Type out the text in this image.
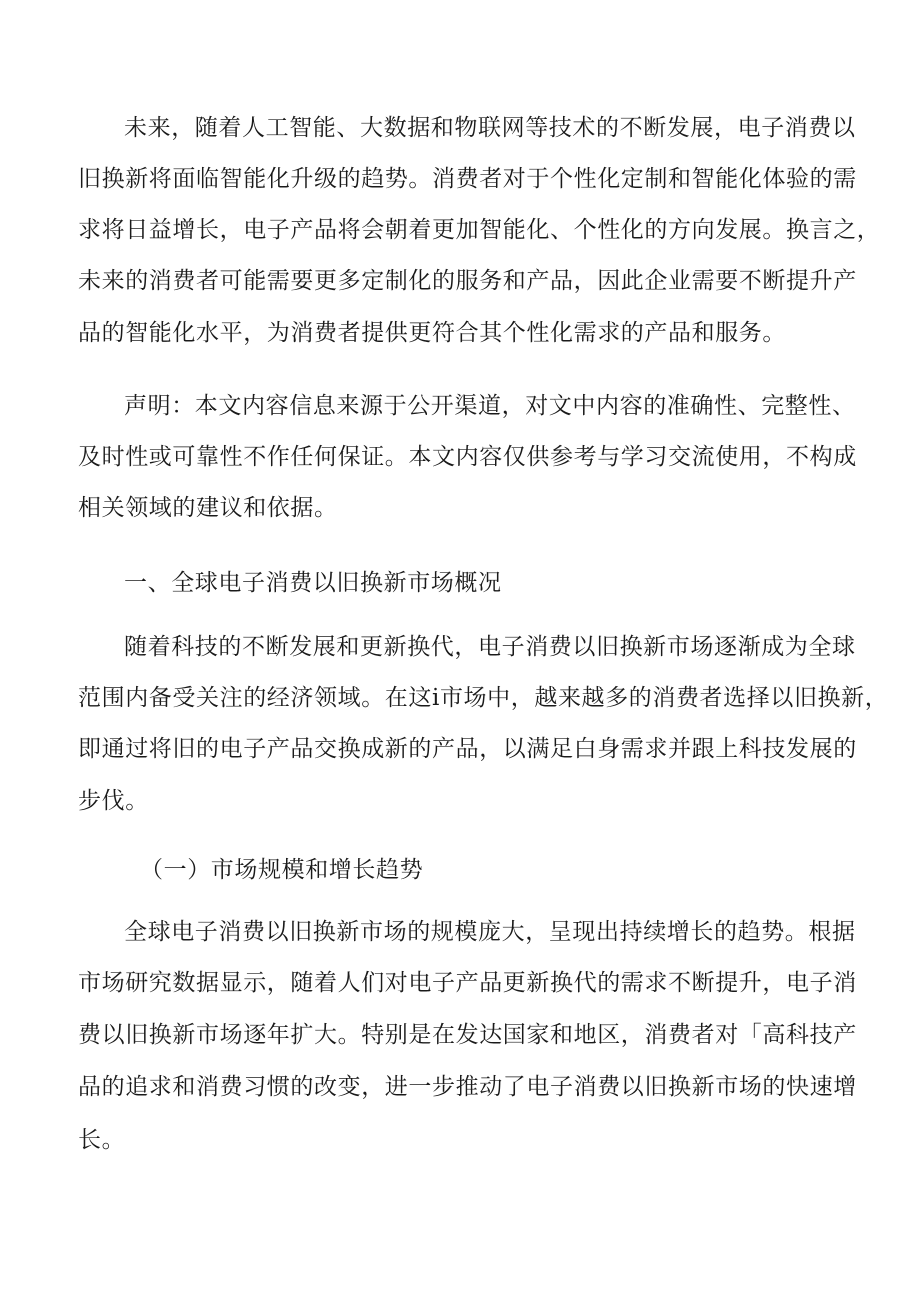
未来，随着人工智能、大数据和物联网等技术的不断发展，电子消费以
旧换新将面临智能化升级的趋势。消费者对于个性化定制和智能化体验的需
求将日益增长，电子产品将会朝着更加智能化、个性化的方向发展。换言之，
未来的消费者可能需要更多定制化的服务和产品，因此企业需要不断提升产
品的智能化水平，为消费者提供更符合其个性化需求的产品和服务。
声明：本文内容信息来源于公开渠道，对文中内容的准确性、完整性、
及时性或可靠性不作任何保证。本文内容仅供参考与学习交流使用，不构成
相关领域的建议和依据。
一、全球电子消费以旧换新市场概况
随着科技的不断发展和更新换代，电子消费以旧换新市场逐渐成为全球
范围内备受关注的经济领域。在这i市场中，越来越多的消费者选择以旧换新，
即通过将旧的电子产品交换成新的产品，以满足白身需求并跟上科技发展的
步伐。
（一）市场规模和增长趋势
全球电子消费以旧换新市场的规模庞大，呈现出持续增长的趋势。根据
市场研究数据显示，随着人们对电子产品更新换代的需求不断提升，电子消
费以旧换新市场逐年扩大。特别是在发达国家和地区，消费者对「高科技产
品的追求和消费习惯的改变，进一步推动了电子消费以旧换新市场的快速增
长。
